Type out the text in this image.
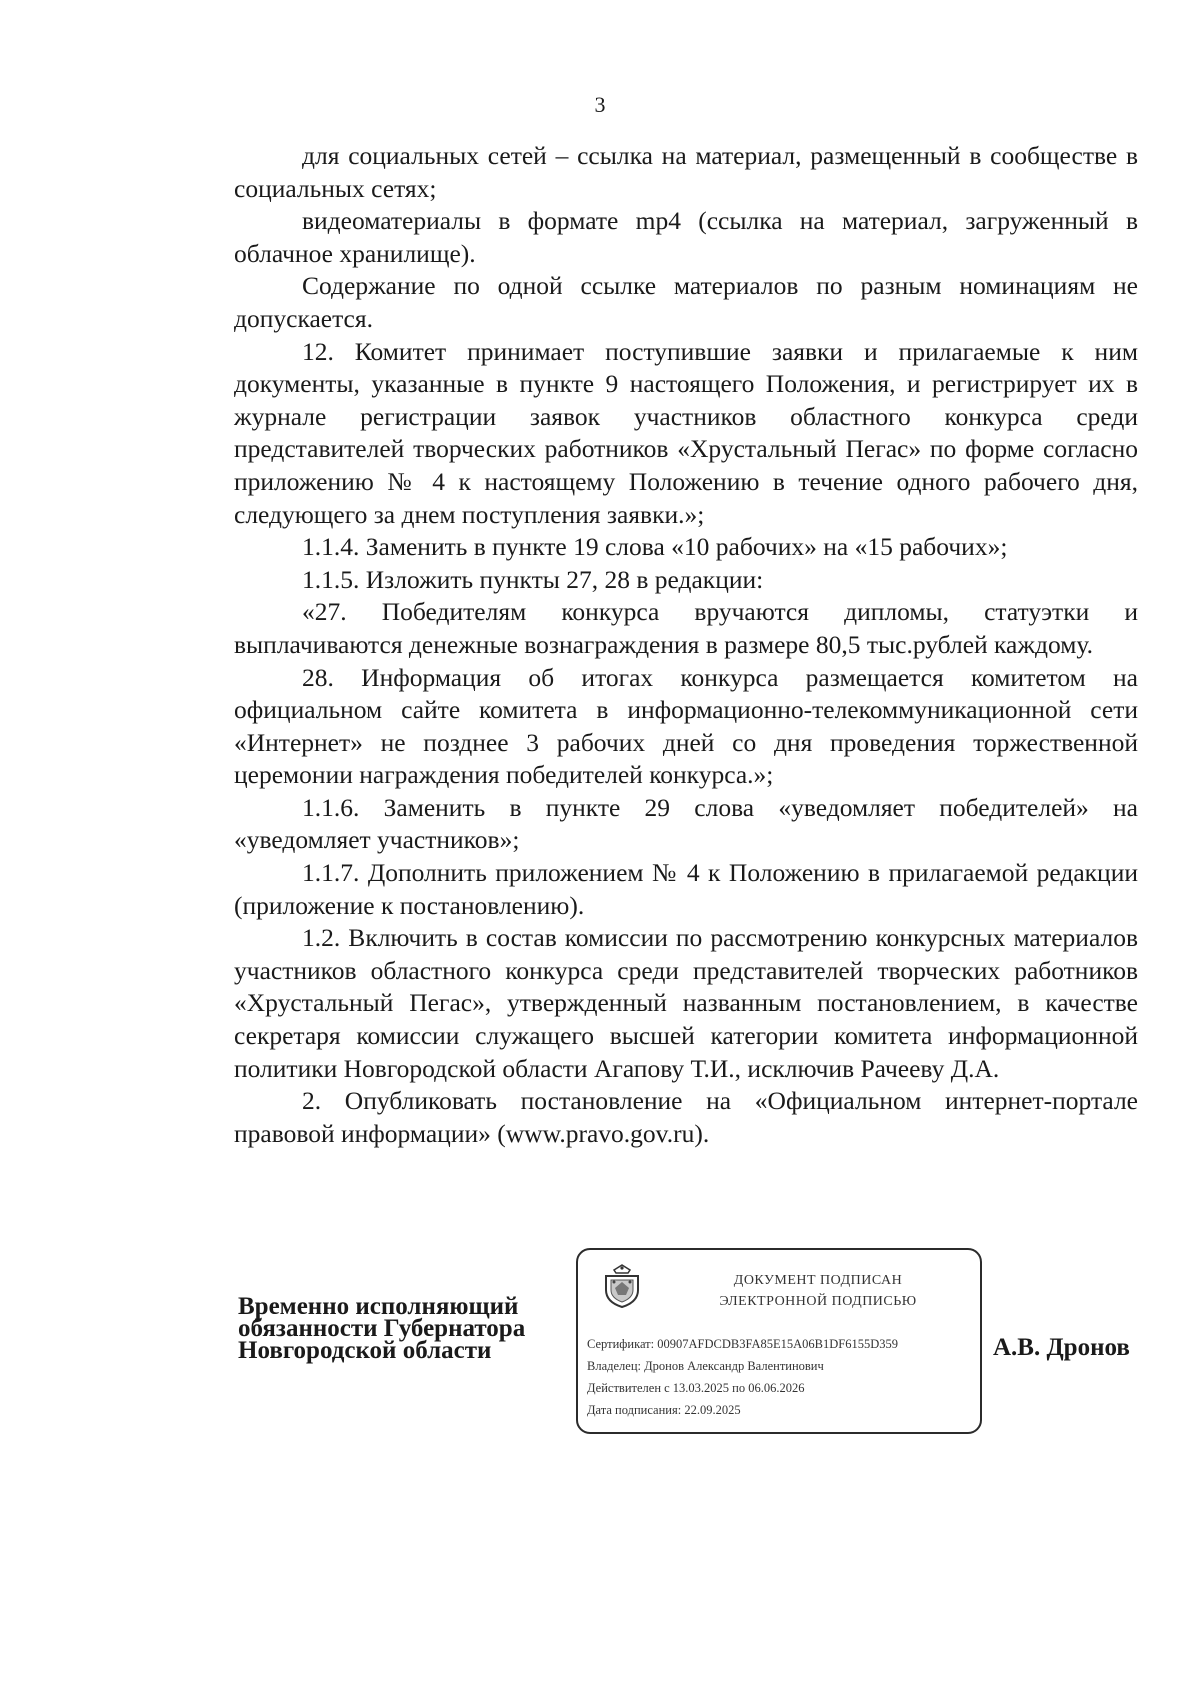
3

для социальных сетей – ссылка на материал, размещенный в сообществе в социальных сетях;

видеоматериалы в формате mp4 (ссылка на материал, загруженный в облачное хранилище).

Содержание по одной ссылке материалов по разным номинациям не допускается.

12. Комитет принимает поступившие заявки и прилагаемые к ним документы, указанные в пункте 9 настоящего Положения, и регистрирует их в журнале регистрации заявок участников областного конкурса среди представителей творческих работников «Хрустальный Пегас» по форме согласно приложению № 4 к настоящему Положению в течение одного рабочего дня, следующего за днем поступления заявки.»;

1.1.4. Заменить в пункте 19 слова «10 рабочих» на «15 рабочих»;

1.1.5. Изложить пункты 27, 28 в редакции:

«27. Победителям конкурса вручаются дипломы, статуэтки и выплачиваются денежные вознаграждения в размере 80,5 тыс.рублей каждому.

28. Информация об итогах конкурса размещается комитетом на официальном сайте комитета в информационно-телекоммуникационной сети «Интернет» не позднее 3 рабочих дней со дня проведения торжественной церемонии награждения победителей конкурса.»;

1.1.6. Заменить в пункте 29 слова «уведомляет победителей» на «уведомляет участников»;

1.1.7. Дополнить приложением № 4 к Положению в прилагаемой редакции (приложение к постановлению).

1.2. Включить в состав комиссии по рассмотрению конкурсных материалов участников областного конкурса среди представителей творческих работников «Хрустальный Пегас», утвержденный названным постановлением, в качестве секретаря комиссии служащего высшей категории комитета информационной политики Новгородской области Агапову Т.И., исключив Рачееву Д.А.

2. Опубликовать постановление на «Официальном интернет-портале правовой информации» (www.pravo.gov.ru).

Временно исполняющий
обязанности Губернатора
Новгородской области
ДОКУМЕНТ ПОДПИСАН
ЭЛЕКТРОННОЙ ПОДПИСЬЮ
Сертификат: 00907AFDCDB3FA85E15A06B1DF6155D359
Владелец: Дронов Александр Валентинович
Действителен с 13.03.2025 по 06.06.2026
Дата подписания: 22.09.2025
А.В. Дронов
